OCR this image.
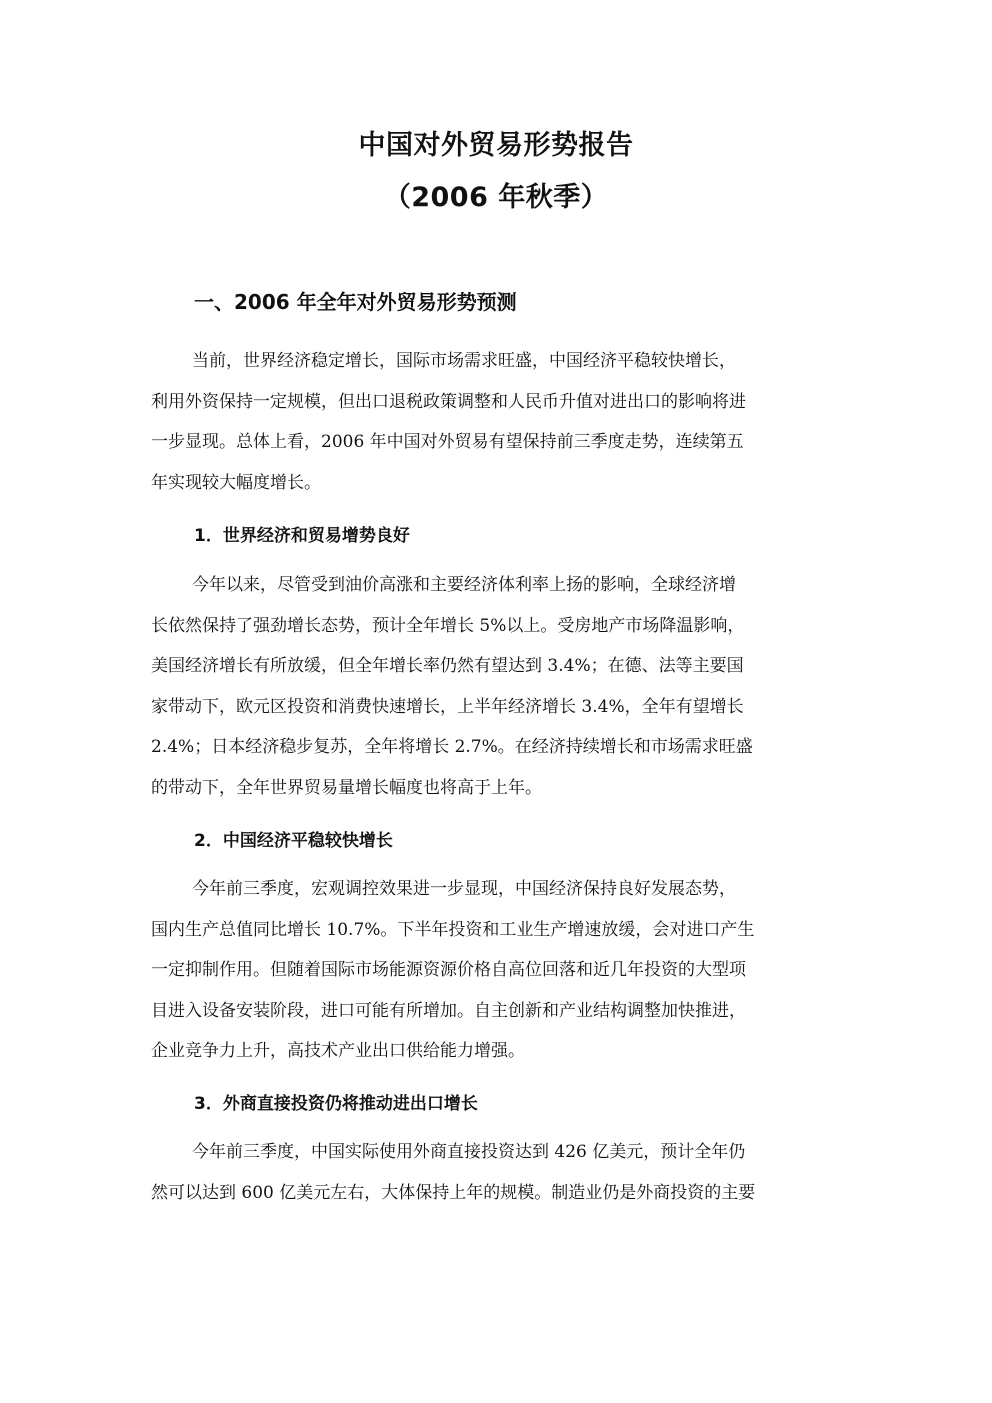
中国对外贸易形势报告
（2006 年秋季）
一、2006 年全年对外贸易形势预测

当前，世界经济稳定增长，国际市场需求旺盛，中国经济平稳较快增长，
利用外资保持一定规模，但出口退税政策调整和人民币升值对进出口的影响将进
一步显现。总体上看，2006 年中国对外贸易有望保持前三季度走势，连续第五
年实现较大幅度增长。

1．世界经济和贸易增势良好

今年以来，尽管受到油价高涨和主要经济体利率上扬的影响，全球经济增
长依然保持了强劲增长态势，预计全年增长 5%以上。受房地产市场降温影响，
美国经济增长有所放缓，但全年增长率仍然有望达到 3.4%；在德、法等主要国
家带动下，欧元区投资和消费快速增长，上半年经济增长 3.4%，全年有望增长
2.4%；日本经济稳步复苏，全年将增长 2.7%。在经济持续增长和市场需求旺盛
的带动下，全年世界贸易量增长幅度也将高于上年。

2．中国经济平稳较快增长

今年前三季度，宏观调控效果进一步显现，中国经济保持良好发展态势，
国内生产总值同比增长 10.7%。下半年投资和工业生产增速放缓，会对进口产生
一定抑制作用。但随着国际市场能源资源价格自高位回落和近几年投资的大型项
目进入设备安装阶段，进口可能有所增加。自主创新和产业结构调整加快推进，
企业竞争力上升，高技术产业出口供给能力增强。

3．外商直接投资仍将推动进出口增长

今年前三季度，中国实际使用外商直接投资达到 426 亿美元，预计全年仍
然可以达到 600 亿美元左右，大体保持上年的规模。制造业仍是外商投资的主要
